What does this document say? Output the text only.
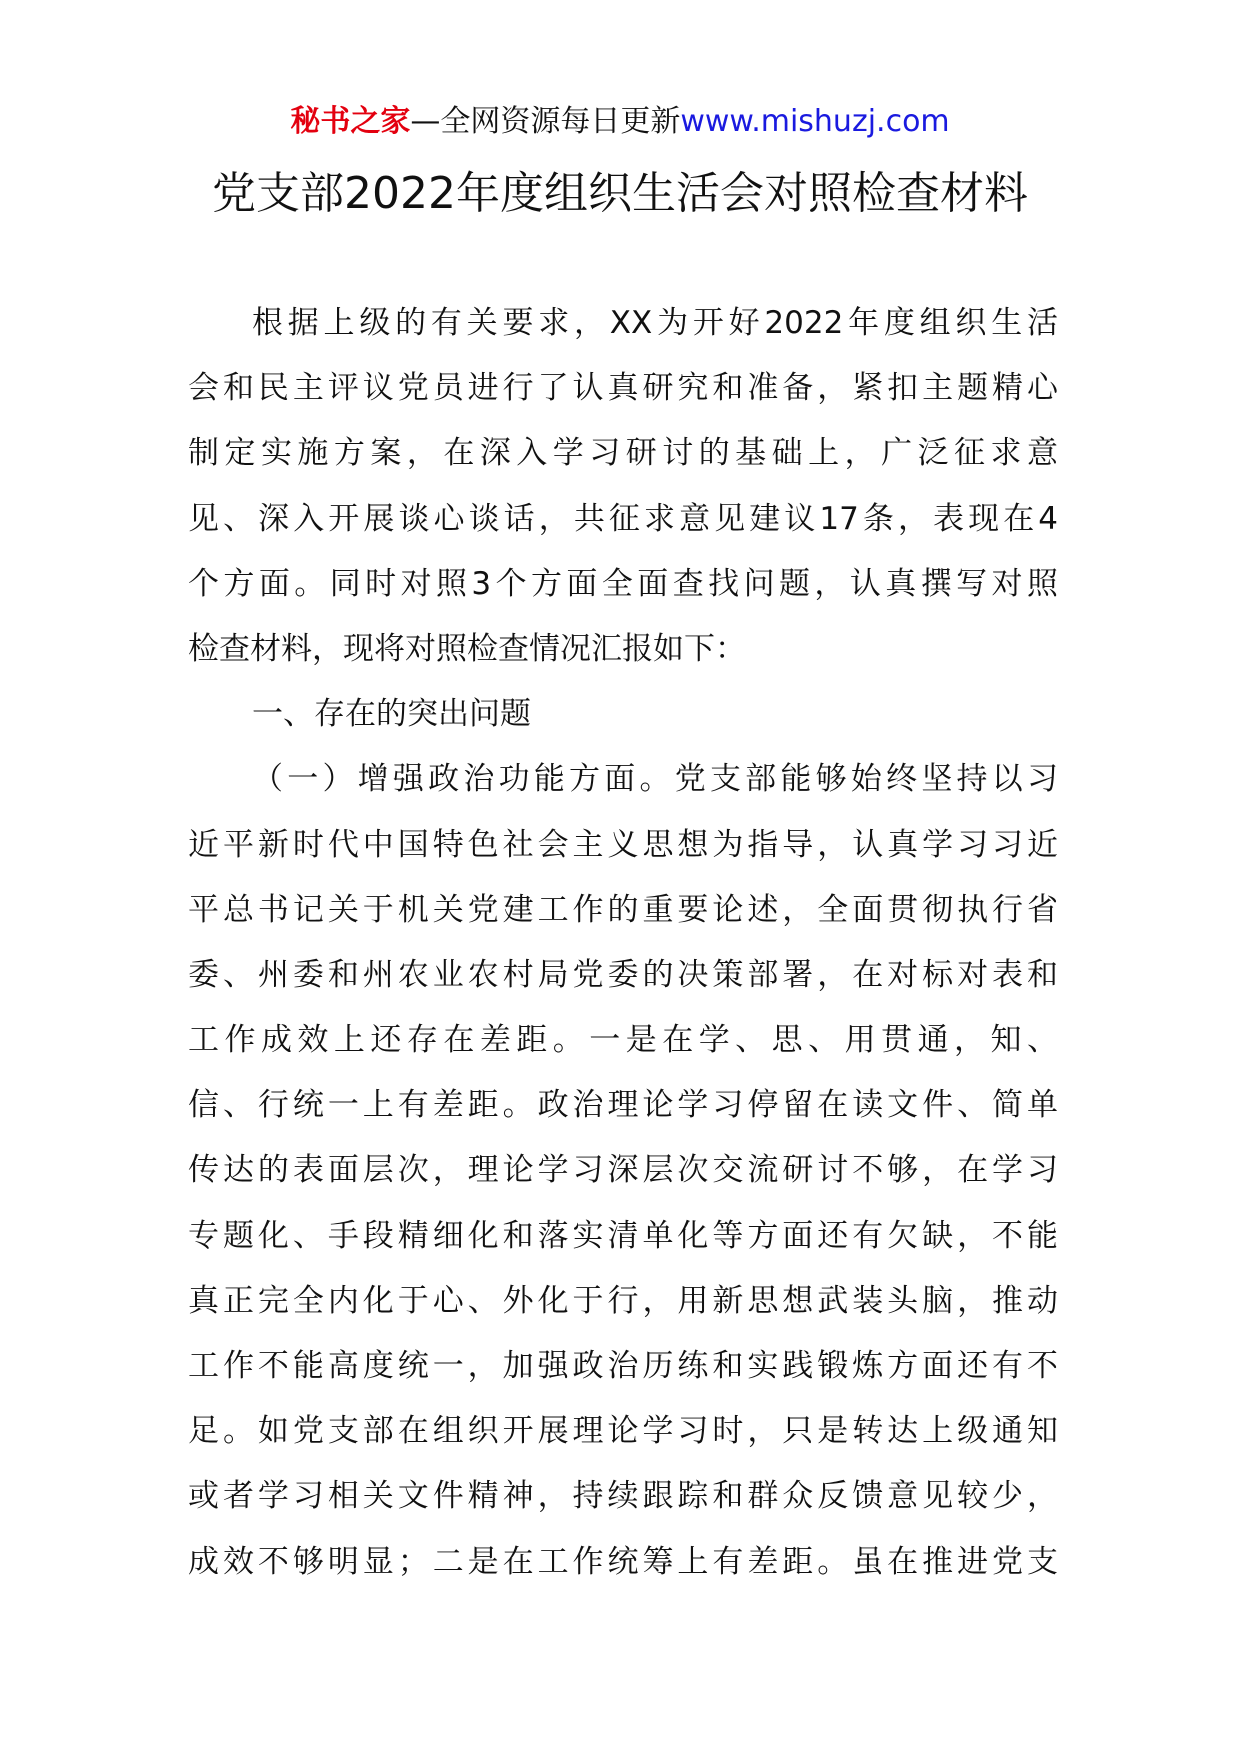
秘书之家—全网资源每日更新www.mishuzj.com
党支部2022年度组织生活会对照检查材料
根据上级的有关要求，XX为开好2022年度组织生活
会和民主评议党员进行了认真研究和准备，紧扣主题精心
制定实施方案，在深入学习研讨的基础上，广泛征求意
见、深入开展谈心谈话，共征求意见建议17条，表现在4
个方面。同时对照3个方面全面查找问题，认真撰写对照
检查材料，现将对照检查情况汇报如下：
一、存在的突出问题
（一）增强政治功能方面。党支部能够始终坚持以习
近平新时代中国特色社会主义思想为指导，认真学习习近
平总书记关于机关党建工作的重要论述，全面贯彻执行省
委、州委和州农业农村局党委的决策部署，在对标对表和
工作成效上还存在差距。一是在学、思、用贯通，知、
信、行统一上有差距。政治理论学习停留在读文件、简单
传达的表面层次，理论学习深层次交流研讨不够，在学习
专题化、手段精细化和落实清单化等方面还有欠缺，不能
真正完全内化于心、外化于行，用新思想武装头脑，推动
工作不能高度统一，加强政治历练和实践锻炼方面还有不
足。如党支部在组织开展理论学习时，只是转达上级通知
或者学习相关文件精神，持续跟踪和群众反馈意见较少，
成效不够明显；二是在工作统筹上有差距。虽在推进党支
